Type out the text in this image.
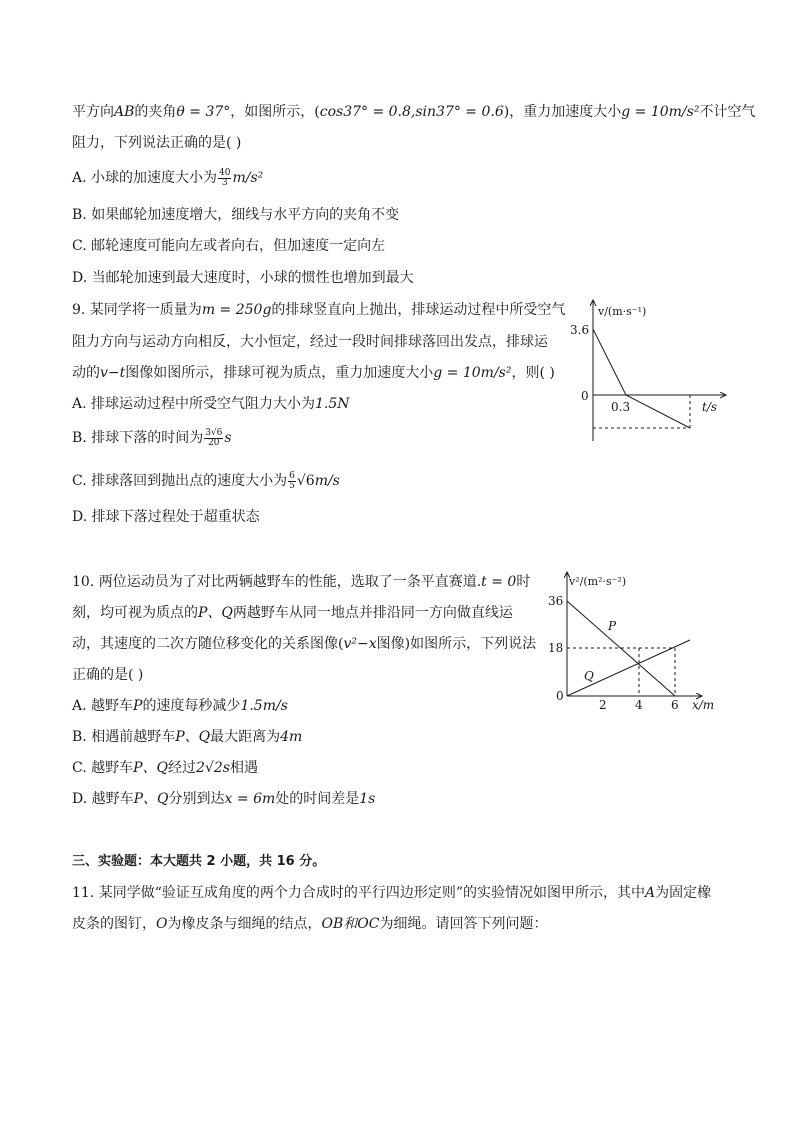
平方向AB的夹角θ = 37°，如图所示，(cos37° = 0.8,sin37° = 0.6)，重力加速度大小g = 10m/s²不计空气
阻力，下列说法正确的是( )
A. 小球的加速度大小为 $\frac{40}{3} m/s^2$
B. 如果邮轮加速度增大，细线与水平方向的夹角不变
C. 邮轮速度可能向左或者向右，但加速度一定向左
D. 当邮轮加速到最大速度时，小球的惯性也增加到最大
9. 某同学将一质量为m = 250g的排球竖直向上抛出，排球运动过程中所受空气
阻力方向与运动方向相反，大小恒定，经过一段时间排球落回出发点，排球运
动的v−t图像如图所示，排球可视为质点，重力加速度大小g = 10m/s²，则( )
A. 排球运动过程中所受空气阻力大小为1.5N
B. 排球下落的时间为 $\frac{3√6}{20}$ s
C. 排球落回到抛出点的速度大小为 $\frac{6}{5} √6m/s$
D. 排球下落过程处于超重状态
v/(m·s⁻¹)
3.6
0
0.3	t/s
10. 两位运动员为了对比两辆越野车的性能，选取了一条平直赛道.t = 0时
刻，均可视为质点的P、Q两越野车从同一地点并排沿同一方向做直线运
动，其速度的二次方随位移变化的关系图像(v²−x图像)如图所示，下列说法
正确的是( )
A. 越野车P的速度每秒减少1.5m/s
B. 相遇前越野车P、Q最大距离为4m
C. 越野车P、Q经过2√2s相遇
D. 越野车P、Q分别到达x = 6m处的时间差是1s
v²/(m²·s⁻²)
36
18
0
2 4 6 x/m
P
Q
三、实验题：本大题共 2 小题，共 16 分。
11. 某同学做“验证互成角度的两个力合成时的平行四边形定则”的实验情况如图甲所示，其中A为固定橡
皮条的图钉，O为橡皮条与细绳的结点，OB和OC为细绳。请回答下列问题：
